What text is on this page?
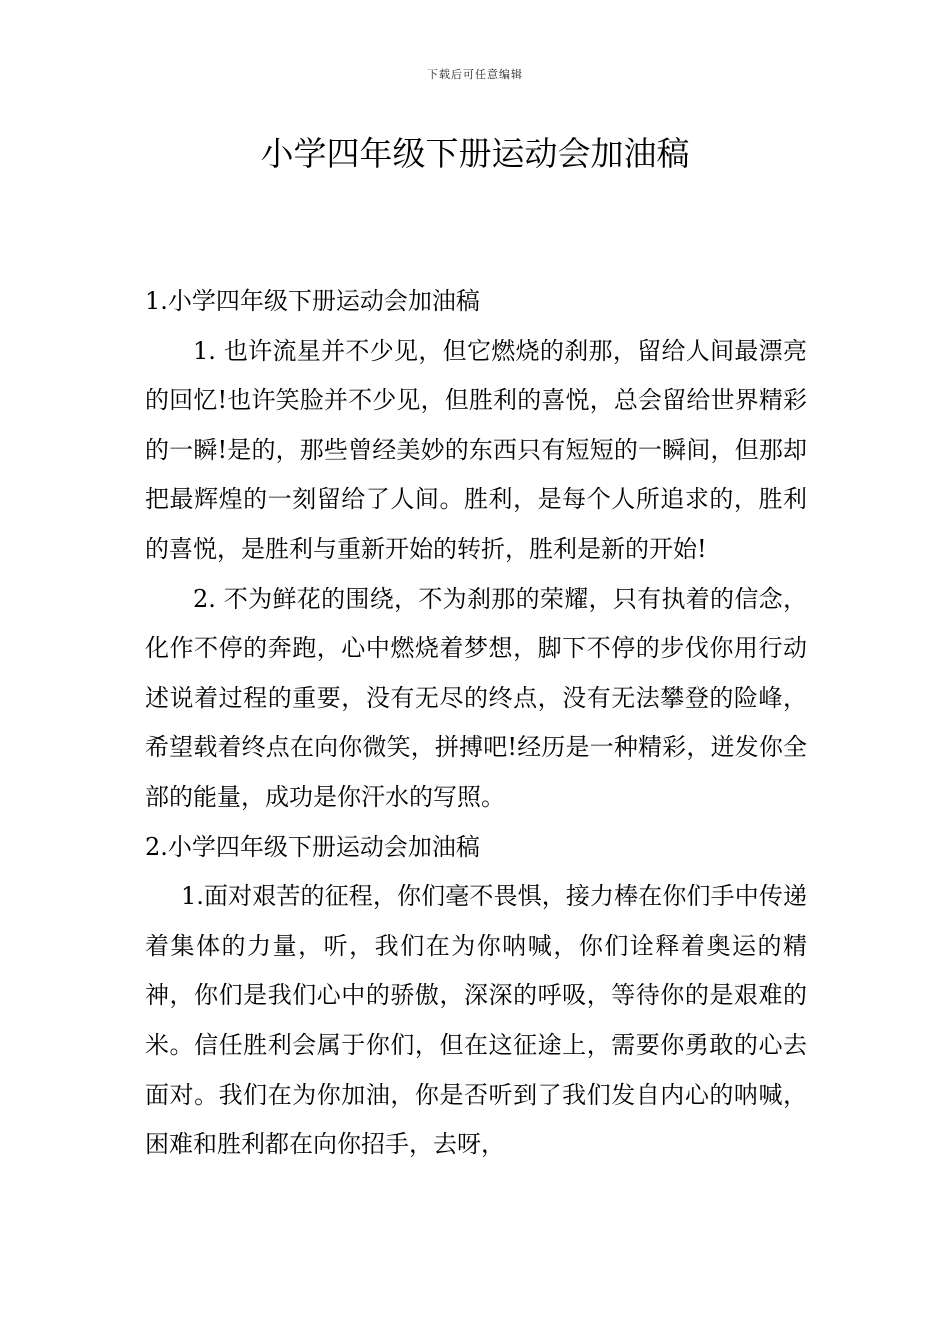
下载后可任意编辑
小学四年级下册运动会加油稿

1.小学四年级下册运动会加油稿

1. 也许流星并不少见，但它燃烧的刹那，留给人间最漂亮的回忆!也许笑脸并不少见，但胜利的喜悦，总会留给世界精彩的一瞬!是的，那些曾经美妙的东西只有短短的一瞬间，但那却把最辉煌的一刻留给了人间。胜利，是每个人所追求的，胜利的喜悦，是胜利与重新开始的转折，胜利是新的开始!

2. 不为鲜花的围绕，不为刹那的荣耀，只有执着的信念，化作不停的奔跑，心中燃烧着梦想，脚下不停的步伐你用行动述说着过程的重要，没有无尽的终点，没有无法攀登的险峰，希望载着终点在向你微笑，拼搏吧!经历是一种精彩，迸发你全部的能量，成功是你汗水的写照。

2.小学四年级下册运动会加油稿

1.面对艰苦的征程，你们毫不畏惧，接力棒在你们手中传递着集体的力量，听，我们在为你呐喊，你们诠释着奥运的精神，你们是我们心中的骄傲，深深的呼吸，等待你的是艰难的米。信任胜利会属于你们，但在这征途上，需要你勇敢的心去面对。我们在为你加油，你是否听到了我们发自内心的呐喊，困难和胜利都在向你招手，去呀，
